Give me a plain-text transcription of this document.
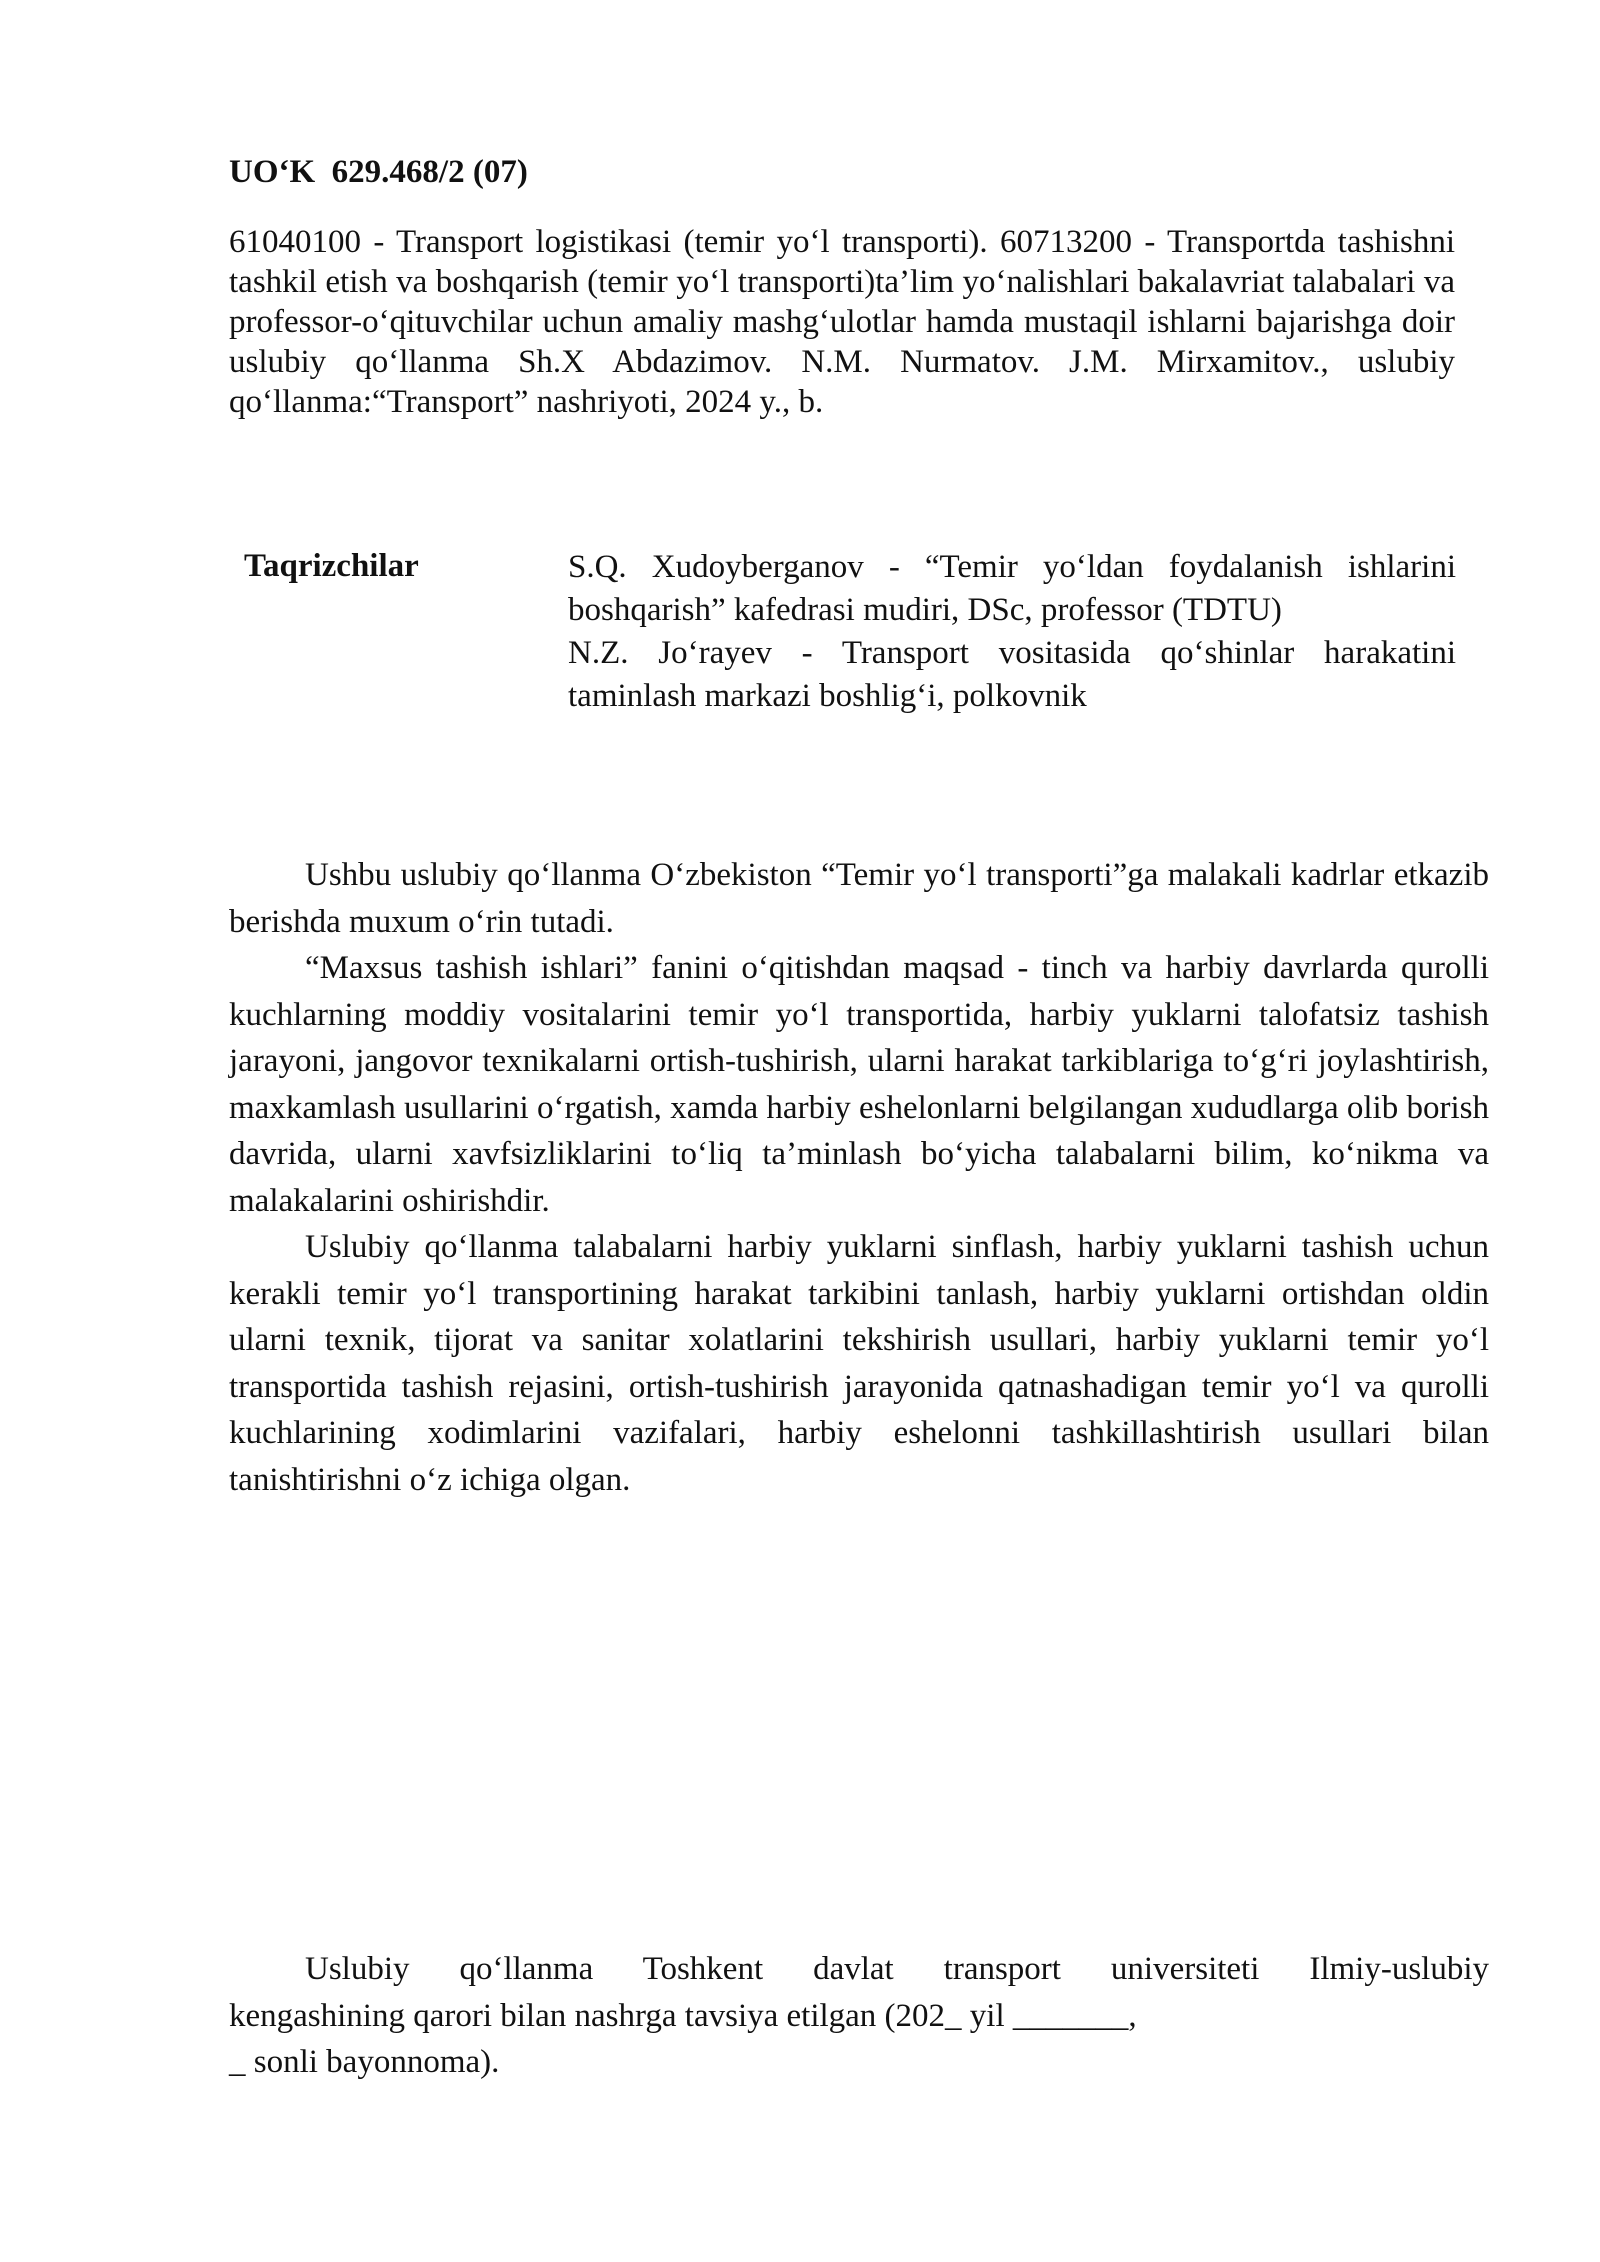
UO‘K  629.468/2 (07)
61040100 - Transport logistikasi (temir yo‘l transporti). 60713200 - Transportda tashishni tashkil etish va boshqarish (temir yo‘l transporti)ta’lim yo‘nalishlari bakalavriat talabalari va professor-o‘qituvchilar uchun amaliy mashg‘ulotlar hamda mustaqil ishlarni bajarishga doir uslubiy qo‘llanma Sh.X Abdazimov. N.M. Nurmatov. J.M. Mirxamitov., uslubiy qo‘llanma:“Transport” nashriyoti, 2024 y., b.
Taqrizchilar	S.Q. Xudoyberganov - “Temir yo‘ldan foydalanish ishlarini boshqarish” kafedrasi mudiri, DSc, professor (TDTU)
N.Z. Jo‘rayev - Transport vositasida qo‘shinlar harakatini taminlash markazi boshlig‘i, polkovnik

Ushbu uslubiy qo‘llanma O‘zbekiston “Temir yo‘l transporti”ga malakali kadrlar etkazib berishda muxum o‘rin tutadi.

“Maxsus tashish ishlari” fanini o‘qitishdan maqsad - tinch va harbiy davrlarda qurolli kuchlarning moddiy vositalarini temir yo‘l transportida, harbiy yuklarni talofatsiz tashish jarayoni, jangovor texnikalarni ortish-tushirish, ularni harakat tarkiblariga to‘g‘ri joylashtirish, maxkamlash usullarini o‘rgatish, xamda harbiy eshelonlarni belgilangan xududlarga olib borish davrida, ularni xavfsizliklarini to‘liq ta’minlash bo‘yicha talabalarni bilim, ko‘nikma va malakalarini oshirishdir.

Uslubiy qo‘llanma talabalarni harbiy yuklarni sinflash, harbiy yuklarni tashish uchun kerakli temir yo‘l transportining harakat tarkibini tanlash, harbiy yuklarni ortishdan oldin ularni texnik, tijorat va sanitar xolatlarini tekshirish usullari, harbiy yuklarni temir yo‘l transportida tashish rejasini, ortish-tushirish jarayonida qatnashadigan temir yo‘l va qurolli kuchlarining xodimlarini vazifalari, harbiy eshelonni tashkillashtirish usullari bilan tanishtirishni o‘z ichiga olgan.

Uslubiy qo‘llanma Toshkent davlat transport universiteti Ilmiy-uslubiy
kengashining qarori bilan nashrga tavsiya etilgan (202_ yil _______,
_ sonli bayonnoma).
